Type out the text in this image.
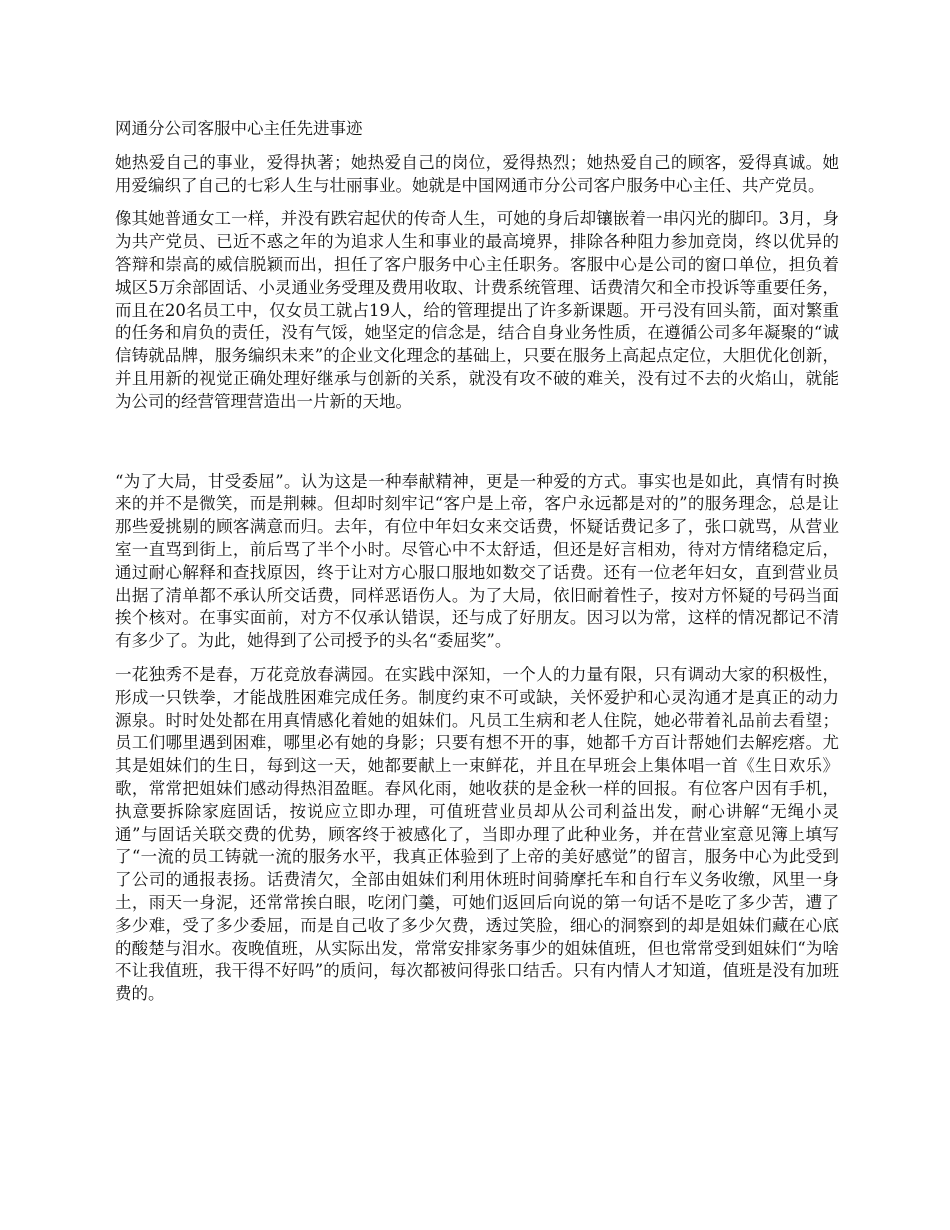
网通分公司客服中心主任先进事迹

她热爱自己的事业，爱得执著；她热爱自己的岗位，爱得热烈；她热爱自己的顾客，爱得真诚。她用爱编织了自己的七彩人生与壮丽事业。她就是中国网通市分公司客户服务中心主任、共产党员。

像其她普通女工一样，并没有跌宕起伏的传奇人生，可她的身后却镶嵌着一串闪光的脚印。3月，身为共产党员、已近不惑之年的为追求人生和事业的最高境界，排除各种阻力参加竞岗，终以优异的答辩和崇高的威信脱颖而出，担任了客户服务中心主任职务。客服中心是公司的窗口单位，担负着城区5万余部固话、小灵通业务受理及费用收取、计费系统管理、话费清欠和全市投诉等重要任务，而且在20名员工中，仅女员工就占19人，给的管理提出了许多新课题。开弓没有回头箭，面对繁重的任务和肩负的责任，没有气馁，她坚定的信念是，结合自身业务性质，在遵循公司多年凝聚的“诚信铸就品牌，服务编织未来”的企业文化理念的基础上，只要在服务上高起点定位，大胆优化创新，并且用新的视觉正确处理好继承与创新的关系，就没有攻不破的难关，没有过不去的火焰山，就能为公司的经营管理营造出一片新的天地。

“为了大局，甘受委屈”。认为这是一种奉献精神，更是一种爱的方式。事实也是如此，真情有时换来的并不是微笑，而是荆棘。但却时刻牢记“客户是上帝，客户永远都是对的”的服务理念，总是让那些爱挑剔的顾客满意而归。去年，有位中年妇女来交话费，怀疑话费记多了，张口就骂，从营业室一直骂到街上，前后骂了半个小时。尽管心中不太舒适，但还是好言相劝，待对方情绪稳定后，通过耐心解释和查找原因，终于让对方心服口服地如数交了话费。还有一位老年妇女，直到营业员出据了清单都不承认所交话费，同样恶语伤人。为了大局，依旧耐着性子，按对方怀疑的号码当面挨个核对。在事实面前，对方不仅承认错误，还与成了好朋友。因习以为常，这样的情况都记不清有多少了。为此，她得到了公司授予的头名“委屈奖”。

一花独秀不是春，万花竞放春满园。在实践中深知，一个人的力量有限，只有调动大家的积极性，形成一只铁拳，才能战胜困难完成任务。制度约束不可或缺，关怀爱护和心灵沟通才是真正的动力源泉。时时处处都在用真情感化着她的姐妹们。凡员工生病和老人住院，她必带着礼品前去看望；员工们哪里遇到困难，哪里必有她的身影；只要有想不开的事，她都千方百计帮她们去解疙瘩。尤其是姐妹们的生日，每到这一天，她都要献上一束鲜花，并且在早班会上集体唱一首《生日欢乐》歌，常常把姐妹们感动得热泪盈眶。春风化雨，她收获的是金秋一样的回报。有位客户因有手机，执意要拆除家庭固话，按说应立即办理，可值班营业员却从公司利益出发，耐心讲解“无绳小灵通”与固话关联交费的优势，顾客终于被感化了，当即办理了此种业务，并在营业室意见簿上填写了“一流的员工铸就一流的服务水平，我真正体验到了上帝的美好感觉”的留言，服务中心为此受到了公司的通报表扬。话费清欠，全部由姐妹们利用休班时间骑摩托车和自行车义务收缴，风里一身土，雨天一身泥，还常常挨白眼，吃闭门羹，可她们返回后向说的第一句话不是吃了多少苦，遭了多少难，受了多少委屈，而是自己收了多少欠费，透过笑脸，细心的洞察到的却是姐妹们藏在心底的酸楚与泪水。夜晚值班，从实际出发，常常安排家务事少的姐妹值班，但也常常受到姐妹们“为啥不让我值班，我干得不好吗”的质问，每次都被问得张口结舌。只有内情人才知道，值班是没有加班费的。
